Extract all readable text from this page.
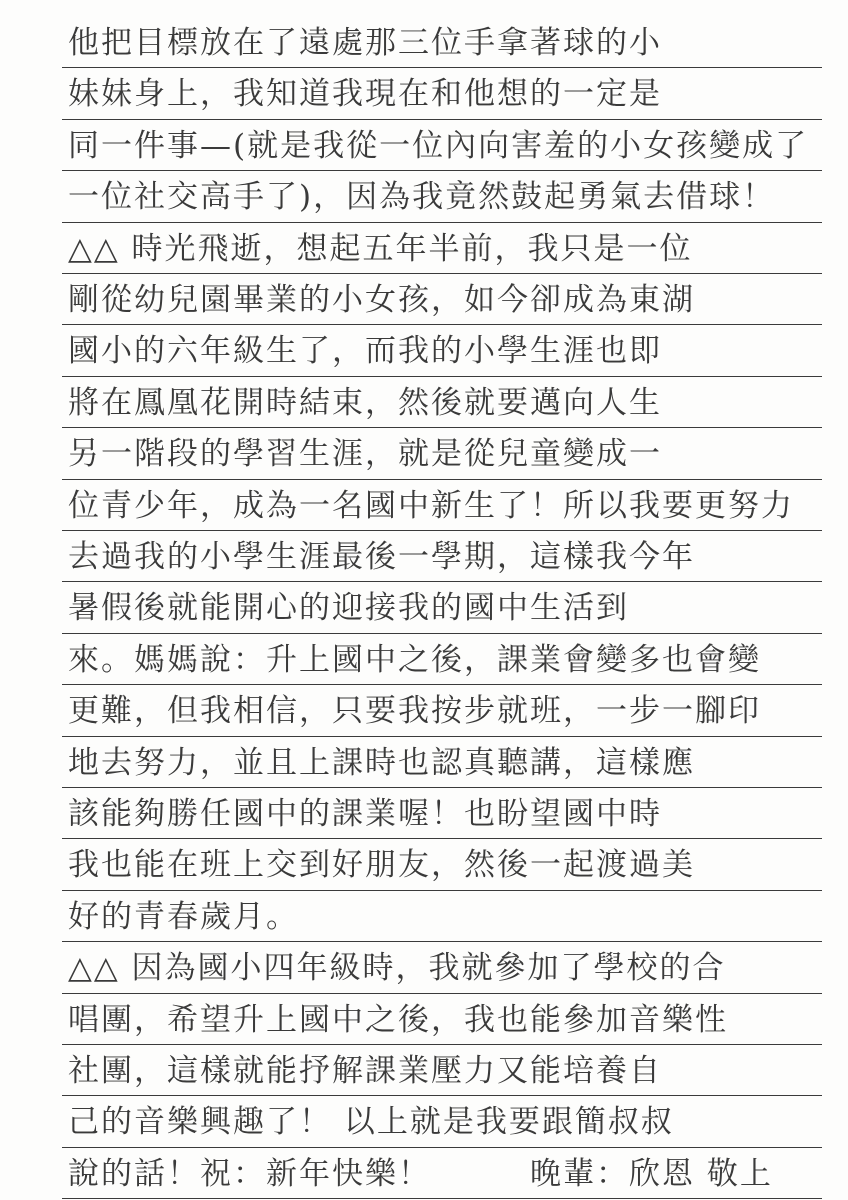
他把目標放在了遠處那三位手拿著球的小
妹妹身上，我知道我現在和他想的一定是
同一件事—(就是我從一位內向害羞的小女孩變成了
一位社交高手了)，因為我竟然鼓起勇氣去借球！
△△ 時光飛逝，想起五年半前，我只是一位
剛從幼兒園畢業的小女孩，如今卻成為東湖
國小的六年級生了，而我的小學生涯也即
將在鳳凰花開時結束，然後就要邁向人生
另一階段的學習生涯，就是從兒童變成一
位青少年，成為一名國中新生了！所以我要更努力
去過我的小學生涯最後一學期，這樣我今年
暑假後就能開心的迎接我的國中生活到
來。媽媽說：升上國中之後，課業會變多也會變
更難，但我相信，只要我按步就班，一步一腳印
地去努力，並且上課時也認真聽講，這樣應
該能夠勝任國中的課業喔！也盼望國中時
我也能在班上交到好朋友，然後一起渡過美
好的青春歲月。
△△ 因為國小四年級時，我就參加了學校的合
唱團，希望升上國中之後，我也能參加音樂性
社團，這樣就能抒解課業壓力又能培養自
己的音樂興趣了！ 以上就是我要跟簡叔叔
說的話！祝：新年快樂！　　　晚輩：欣恩 敬上
